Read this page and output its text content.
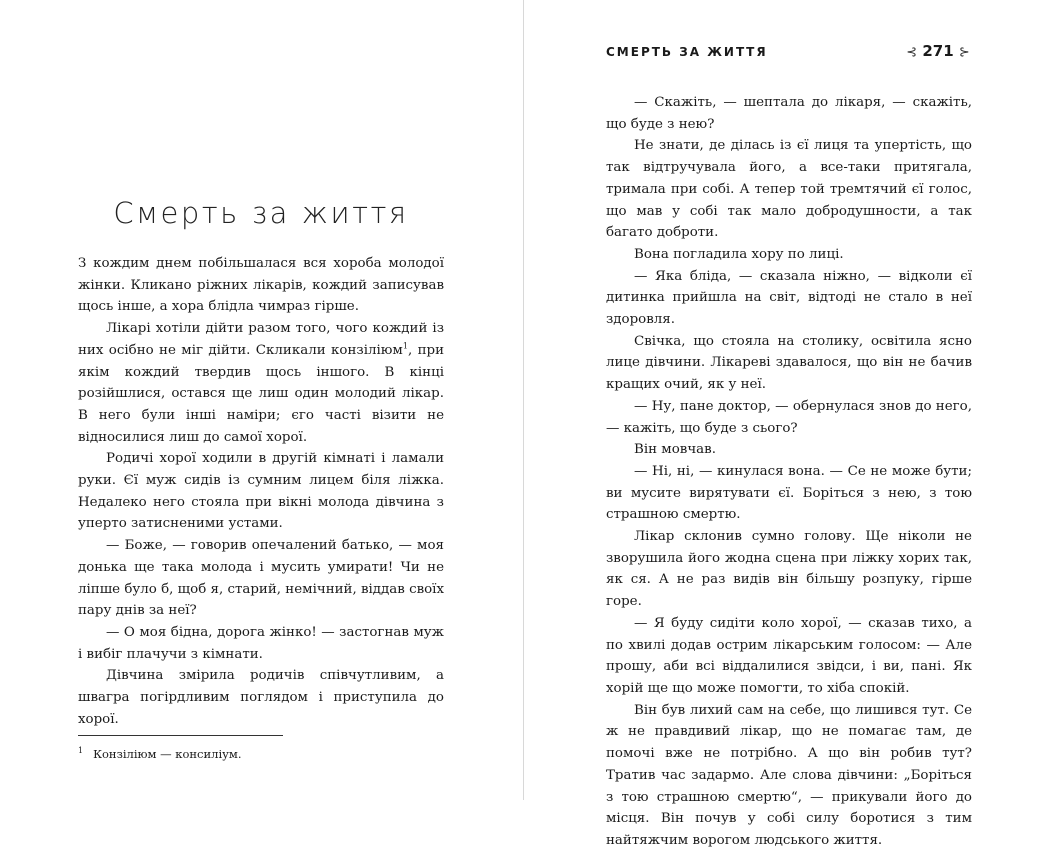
Смерть за життя

З кождим днем побільшалася вся хороба молодої жінки. Кликано ріжних лікарів, кождий записував щось інше, а хора блідла чимраз гірше.

Лікарі хотіли дійти разом того, чого кождий із них осібно не міг дійти. Скликали конзіліюм$^1$, при якім кождий твердив щось іншого. В кінці розійшлися, остався ще лиш один молодий лікар. В него були інші наміри; єго часті візити не відносилися лиш до самої хорої.

Родичі хорої ходили в другій кімнаті і ламали руки. Єї муж сидів із сумним лицем біля ліжка. Недалеко него стояла при вікні молода дівчина з уперто затисненими устами.

— Боже, — говорив опечалений батько, — моя донька ще така молода і мусить умирати! Чи не ліпше було б, щоб я, старий, немічний, віддав своїх пару днів за неї?

— О моя бідна, дорога жінко! — застогнав муж і вибіг плачучи з кімнати.

Дівчина змірила родичів співчутливим, а швагра погірдливим поглядом і приступила до хорої.

$^1$ Конзіліюм — консиліум.
СМЕРТЬ ЗА ЖИТТЯ	⊰ 271 ⊱

— Скажіть, — шептала до лікаря, — скажіть, що буде з нею?

Не знати, де ділась із єї лиця та упертість, що так відтручувала його, а все-таки притягала, тримала при собі. А тепер той тремтячий єї голос, що мав у собі так мало добродушности, а так багато доброти.

Вона погладила хору по лиці.

— Яка бліда, — сказала ніжно, — відколи єї дитинка прийшла на світ, відтоді не стало в неї здоровля.

Свічка, що стояла на столику, освітила ясно лице дівчини. Лікареві здавалося, що він не бачив кращих очий, як у неї.

— Ну, пане доктор, — обернулася знов до него, — кажіть, що буде з сього?

Він мовчав.

— Ні, ні, — кинулася вона. — Се не може бути; ви мусите вирятувати єї. Боріться з нею, з тою страшною смертю.

Лікар склонив сумно голову. Ще ніколи не зворушила його жодна сцена при ліжку хорих так, як ся. А не раз видів він більшу розпуку, гірше горе.

— Я буду сидіти коло хорої, — сказав тихо, а по хвилі додав острим лікарським голосом: — Але прошу, аби всі віддалилися звідси, і ви, пані. Як хорій ще що може помогти, то хіба спокій.

Він був лихий сам на себе, що лишився тут. Се ж не правдивий лікар, що не помагає там, де помочі вже не потрібно. А що він робив тут? Тратив час задармо. Але слова дівчини: „Боріться з тою страшною смертю“, — прикували його до місця. Він почув у собі силу боротися з тим найтяжчим ворогом людського життя.
